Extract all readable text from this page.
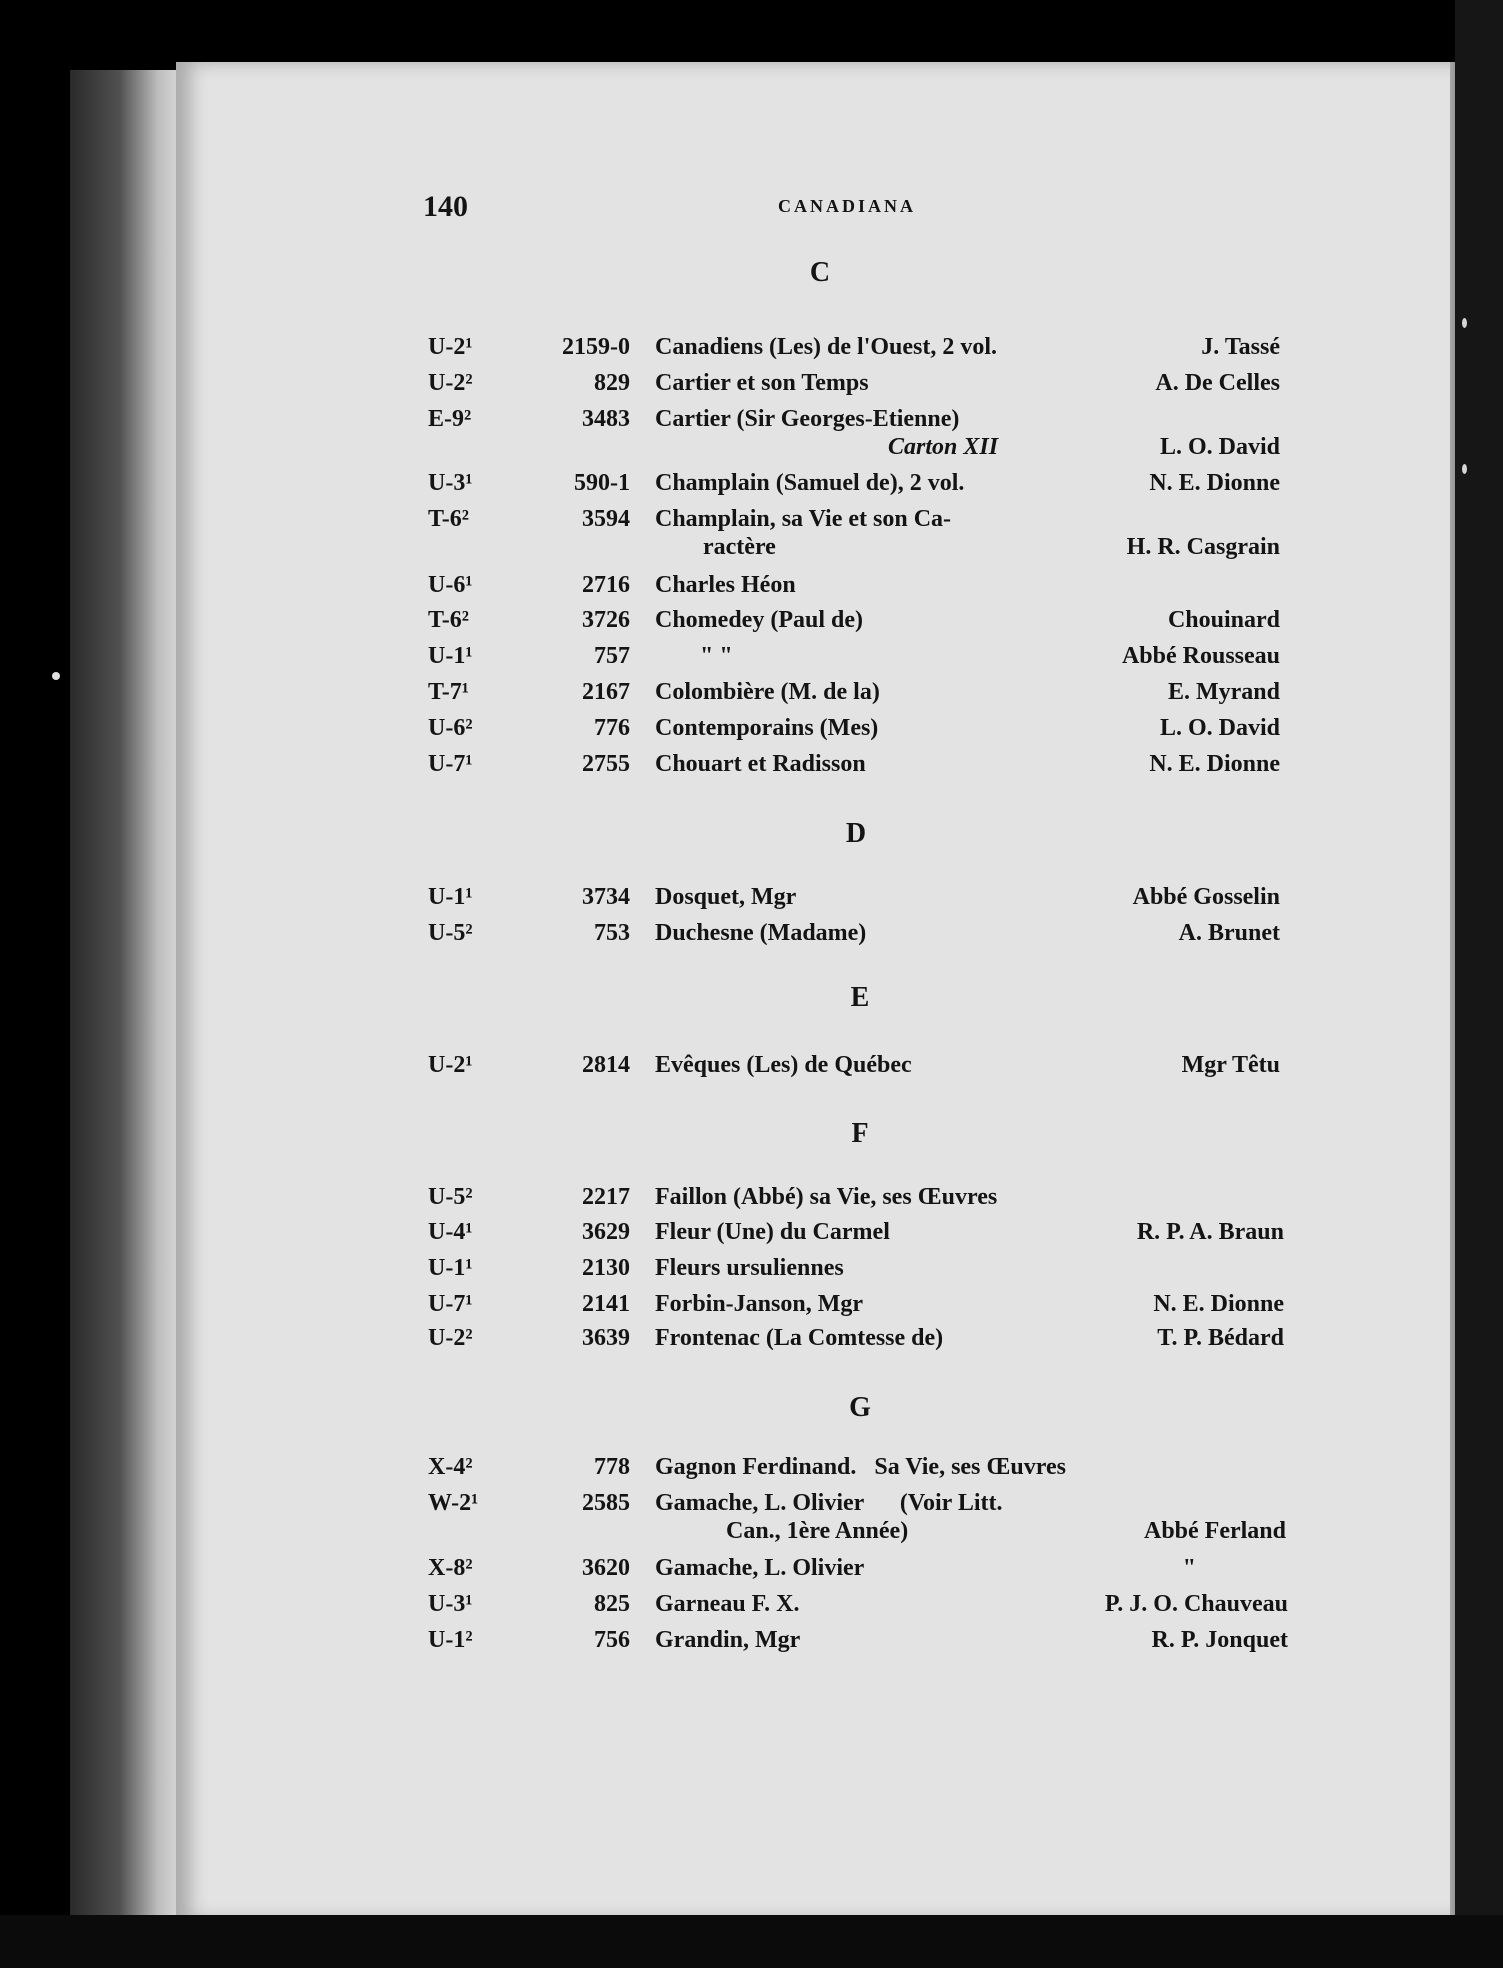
140	CANADIANA
C
U-2¹	2159-0 Canadiens (Les) de l'Ouest, 2 vol.	J. Tassé
U-2²	829 Cartier et son Temps	A. De Celles
E-9²	3483 Cartier (Sir Georges-Etienne)
Carton XII	L. O. David
U-3¹	590-1 Champlain (Samuel de), 2 vol.	N. E. Dionne
T-6²	3594 Champlain, sa Vie et son Ca-
ractère	H. R. Casgrain
U-6¹	2716 Charles Héon
T-6²	3726 Chomedey (Paul de)	Chouinard
U-1¹	757	" "	Abbé Rousseau
T-7¹	2167 Colombière (M. de la)	E. Myrand
U-6²	776 Contemporains (Mes)	L. O. David
U-7¹	2755 Chouart et Radisson	N. E. Dionne
D
U-1¹	3734 Dosquet, Mgr	Abbé Gosselin
U-5²	753 Duchesne (Madame)	A. Brunet
E
U-2¹	2814 Evêques (Les) de Québec	Mgr Têtu
F
U-5²	2217 Faillon (Abbé) sa Vie, ses Œuvres
U-4¹	3629 Fleur (Une) du Carmel	R. P. A. Braun
U-1¹	2130 Fleurs ursuliennes
U-7¹	2141 Forbin-Janson, Mgr	N. E. Dionne
U-2²	3639 Frontenac (La Comtesse de)	T. P. Bédard
G
X-4²	778 Gagnon Ferdinand.   Sa Vie, ses Œuvres
W-2¹	2585 Gamache, L. Olivier      (Voir Litt.
Can., 1ère Année)	Abbé Ferland
X-8²	3620 Gamache, L. Olivier	"
U-3¹	825 Garneau F. X.	P. J. O. Chauveau
U-1²	756 Grandin, Mgr	R. P. Jonquet
